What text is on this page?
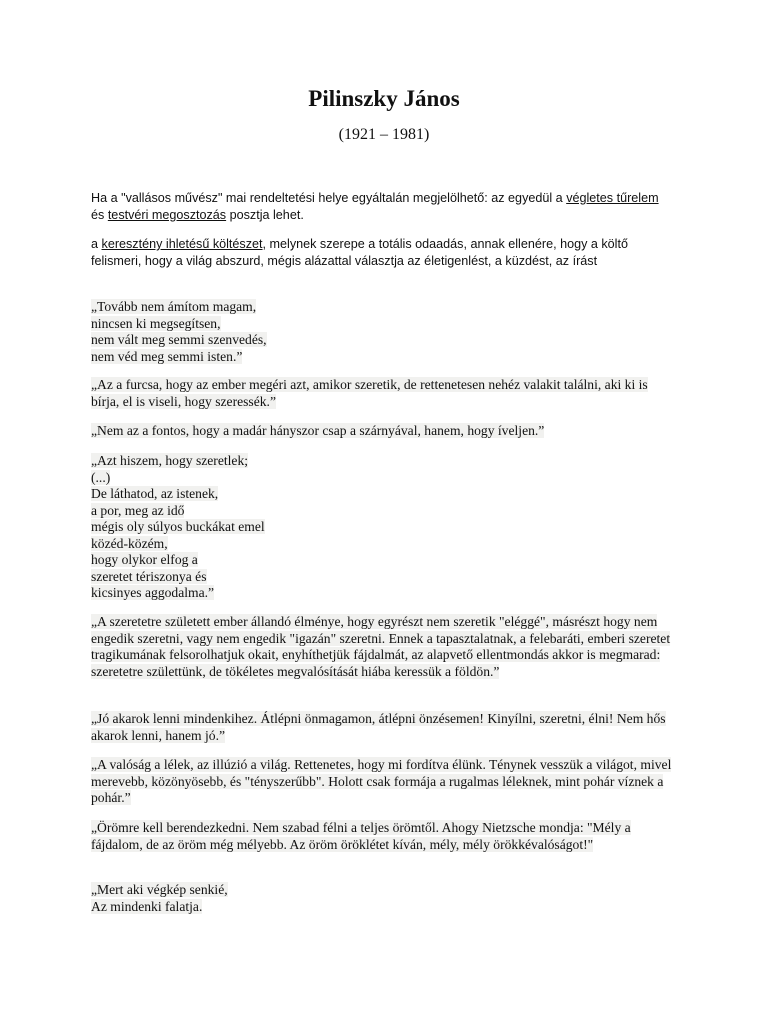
Pilinszky János

(1921 – 1981)

Ha a "vallásos művész" mai rendeltetési helye egyáltalán megjelölhető: az egyedül a végletes tűrelem és testvéri megosztozás posztja lehet.

a keresztény ihletésű költészet, melynek szerepe a totális odaadás, annak ellenére, hogy a költő felismeri, hogy a világ abszurd, mégis alázattal választja az életigenlést, a küzdést, az írást

„Tovább nem ámítom magam,
nincsen ki megsegítsen,
nem vált meg semmi szenvedés,
nem véd meg semmi isten.”

„Az a furcsa, hogy az ember megéri azt, amikor szeretik, de rettenetesen nehéz valakit találni, aki ki is bírja, el is viseli, hogy szeressék.”

„Nem az a fontos, hogy a madár hányszor csap a szárnyával, hanem, hogy íveljen.”

„Azt hiszem, hogy szeretlek;
(...)
De láthatod, az istenek,
a por, meg az idő
mégis oly súlyos buckákat emel
közéd-közém,
hogy olykor elfog a
szeretet tériszonya és
kicsinyes aggodalma.”

„A szeretetre született ember állandó élménye, hogy egyrészt nem szeretik "eléggé", másrészt hogy nem engedik szeretni, vagy nem engedik "igazán" szeretni. Ennek a tapasztalatnak, a felebaráti, emberi szeretet tragikumának felsorolhatjuk okait, enyhíthetjük fájdalmát, az alapvető ellentmondás akkor is megmarad: szeretetre születtünk, de tökéletes megvalósítását hiába keressük a földön.”

„Jó akarok lenni mindenkihez. Átlépni önmagamon, átlépni önzésemen! Kinyílni, szeretni, élni! Nem hős akarok lenni, hanem jó.”

„A valóság a lélek, az illúzió a világ. Rettenetes, hogy mi fordítva élünk. Ténynek vesszük a világot, mivel merevebb, közönyösebb, és "tényszerűbb". Holott csak formája a rugalmas léleknek, mint pohár víznek a pohár.”

„Örömre kell berendezkedni. Nem szabad félni a teljes örömtől. Ahogy Nietzsche mondja: "Mély a fájdalom, de az öröm még mélyebb. Az öröm öröklétet kíván, mély, mély örökkévalóságot!"

„Mert aki végkép senkié,
Az mindenki falatja.
